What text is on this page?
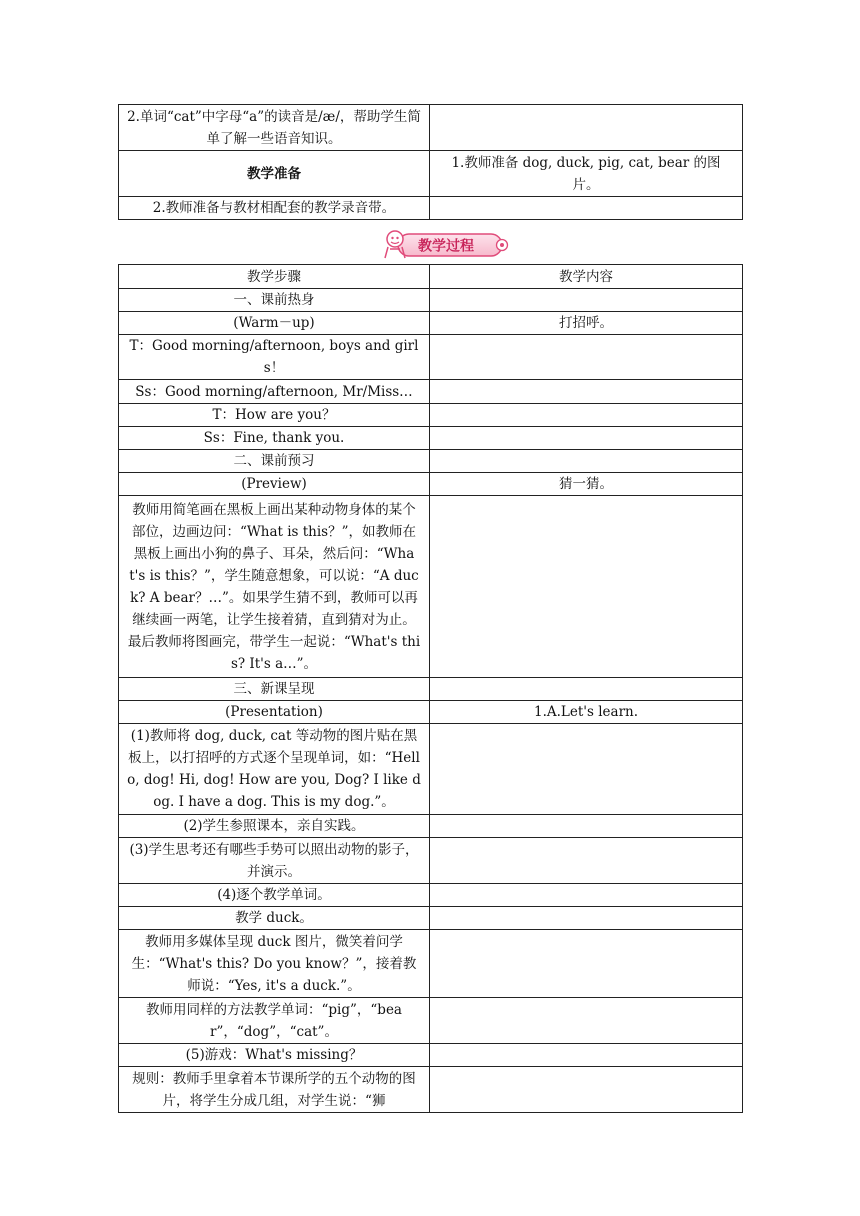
2.单词“cat”中字母“a”的读音是/æ/，帮助学生简单了解一些语音知识。	
教学准备	1.教师准备 dog, duck, pig, cat, bear 的图片。
2.教师准备与教材相配套的教学录音带。	
教学过程
教学步骤	教学内容
一、课前热身	
(Warm－up)	打招呼。
T：Good morning/afternoon, boys and girls！	
Ss：Good morning/afternoon, Mr/Miss…	
T：How are you？	
Ss：Fine, thank you.	
二、课前预习	
(Preview)	猜一猜。
教师用简笔画在黑板上画出某种动物身体的某个部位，边画边问：“What is this？”，如教师在黑板上画出小狗的鼻子、耳朵，然后问：“What's is this？”，学生随意想象，可以说：“A duck? A bear？…”。如果学生猜不到，教师可以再继续画一两笔，让学生接着猜，直到猜对为止。最后教师将图画完，带学生一起说：“What's this? It's a…”。	
三、新课呈现	
(Presentation)	1.A.Let's learn.
(1)教师将 dog, duck, cat 等动物的图片贴在黑板上，以打招呼的方式逐个呈现单词，如：“Hello, dog! Hi, dog! How are you, Dog? I like dog. I have a dog. This is my dog.”。	
(2)学生参照课本，亲自实践。	
(3)学生思考还有哪些手势可以照出动物的影子，并演示。	
(4)逐个教学单词。	
教学 duck。	
教师用多媒体呈现 duck 图片，微笑着问学生：“What's this? Do you know？”，接着教师说：“Yes, it's a duck.”。	
教师用同样的方法教学单词：“pig”，“bear”，“dog”，“cat”。	
(5)游戏：What's missing？	
规则：教师手里拿着本节课所学的五个动物的图片，将学生分成几组，对学生说：“狮	
